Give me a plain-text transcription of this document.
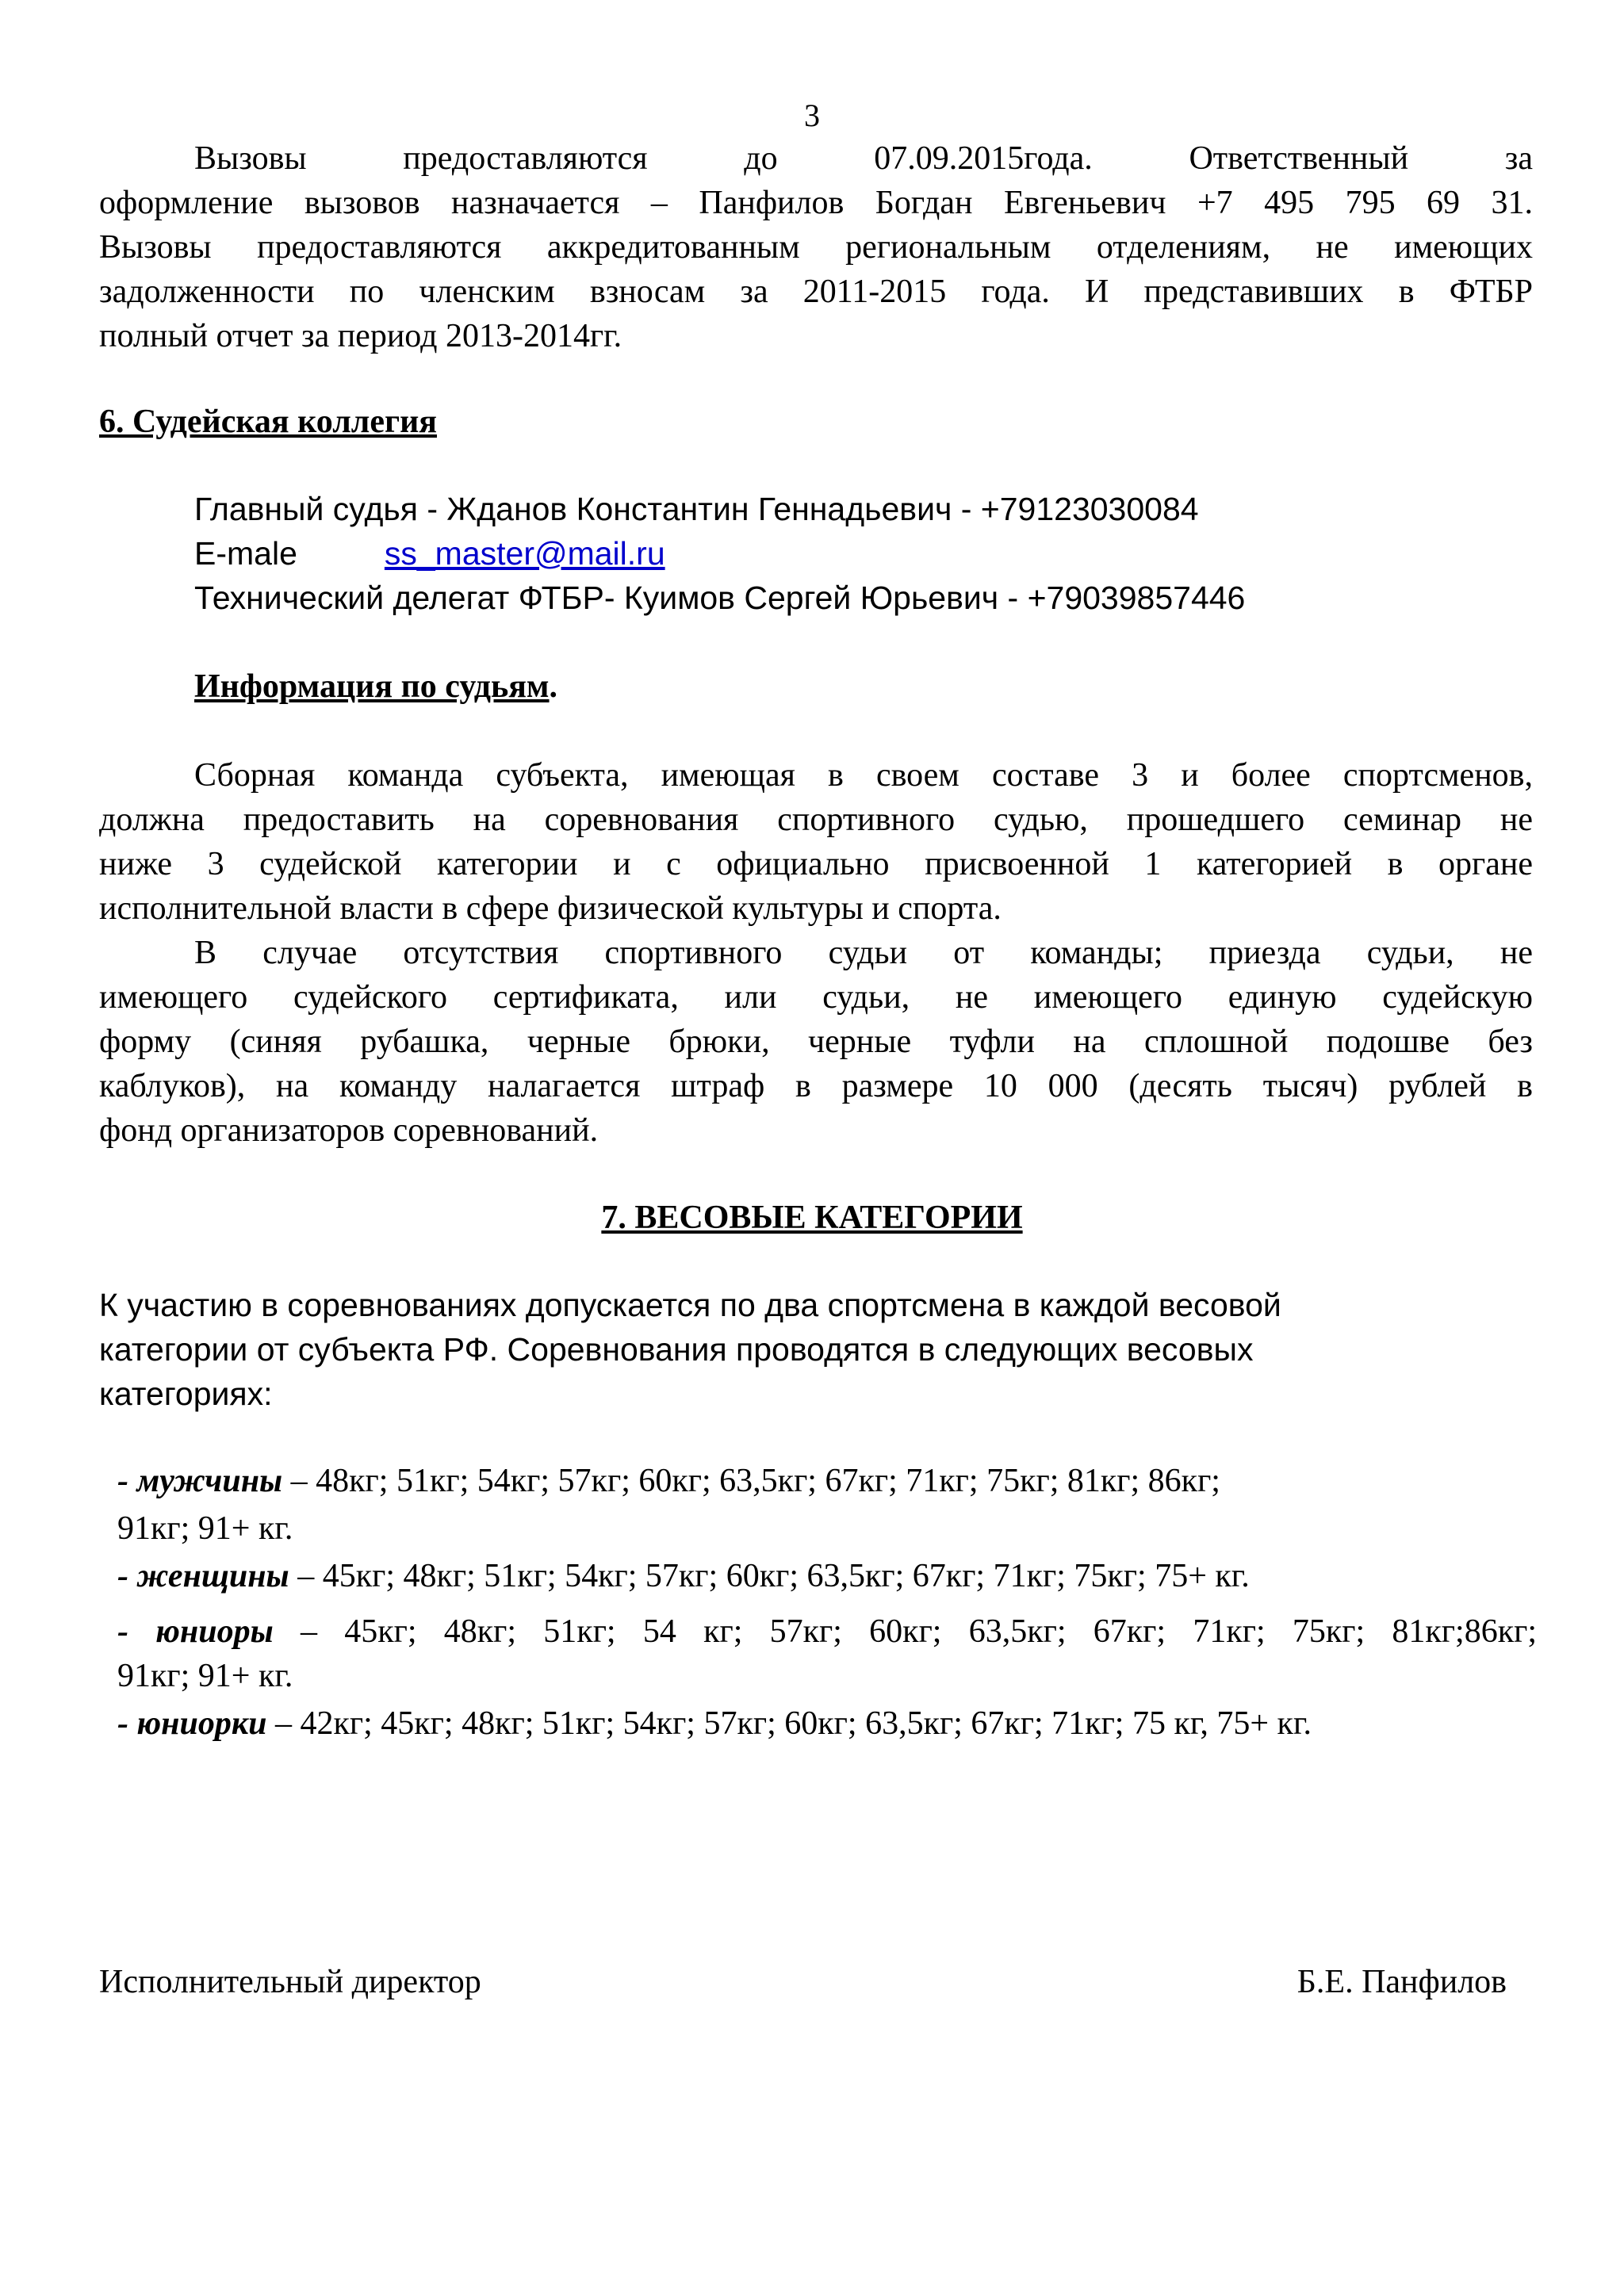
3
Вызовы предоставляются до 07.09.2015года. Ответственный за
оформление вызовов назначается – Панфилов Богдан Евгеньевич +7 495 795 69 31.
Вызовы предоставляются аккредитованным региональным отделениям, не имеющих
задолженности по членским взносам за 2011-2015 года. И представивших в ФТБР
полный отчет за период 2013-2014гг.
6. Судейская коллегия
Главный судья - Жданов Константин Геннадьевич - +79123030084
E-male	ss_master@mail.ru
Технический делегат ФТБР- Куимов Сергей Юрьевич - +79039857446
Информация по судьям.
Сборная команда субъекта, имеющая в своем составе 3 и более спортсменов,
должна предоставить на соревнования спортивного судью, прошедшего семинар не
ниже 3 судейской категории и с официально присвоенной 1 категорией в органе
исполнительной власти в сфере физической культуры и спорта.
В случае отсутствия спортивного судьи от команды; приезда судьи, не
имеющего судейского сертификата, или судьи, не имеющего единую судейскую
форму (синяя рубашка, черные брюки, черные туфли на сплошной подошве без
каблуков), на команду налагается штраф в размере 10 000 (десять тысяч) рублей в
фонд организаторов соревнований.
7. ВЕСОВЫЕ КАТЕГОРИИ
К участию в соревнованиях допускается по два спортсмена в каждой весовой
категории от субъекта РФ. Соревнования проводятся в следующих весовых
категориях:
- мужчины – 48кг; 51кг; 54кг; 57кг; 60кг; 63,5кг; 67кг; 71кг; 75кг; 81кг; 86кг;
91кг; 91+ кг.
- женщины – 45кг; 48кг; 51кг; 54кг; 57кг; 60кг; 63,5кг; 67кг; 71кг; 75кг; 75+ кг.
- юниоры – 45кг; 48кг; 51кг; 54 кг; 57кг; 60кг; 63,5кг; 67кг; 71кг; 75кг; 81кг;86кг;
91кг; 91+ кг.
- юниорки – 42кг; 45кг; 48кг; 51кг; 54кг; 57кг; 60кг; 63,5кг; 67кг; 71кг; 75 кг, 75+ кг.
Исполнительный директор	Б.Е. Панфилов
